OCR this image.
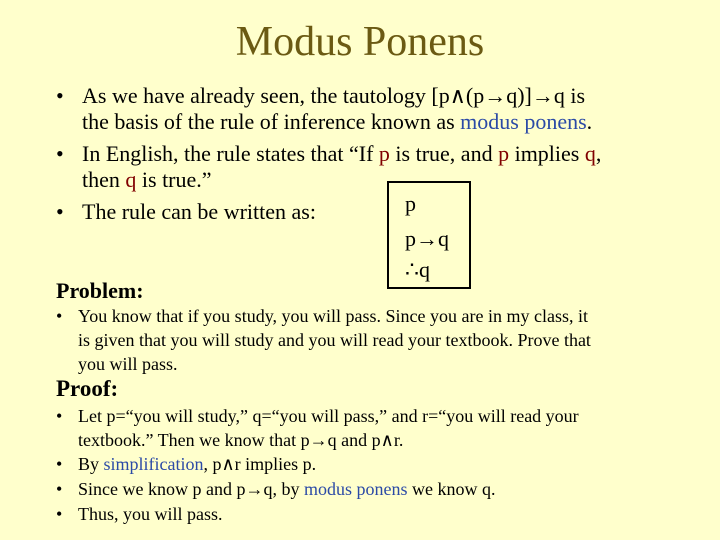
Modus Ponens
• As we have already seen, the tautology [p∧(p→q)]→q is
the basis of the rule of inference known as modus ponens.
• In English, the rule states that “If p is true, and p implies q,
then q is true.”
• The rule can be written as:	p
p→q
∴q
Problem:
• You know that if you study, you will pass. Since you are in my class, it
is given that you will study and you will read your textbook. Prove that
you will pass.
Proof:
• Let p=“you will study,” q=“you will pass,” and r=“you will read your
textbook.” Then we know that p→q and p∧r.
• By simplification, p∧r implies p.
• Since we know p and p→q, by modus ponens we know q.
• Thus, you will pass.
